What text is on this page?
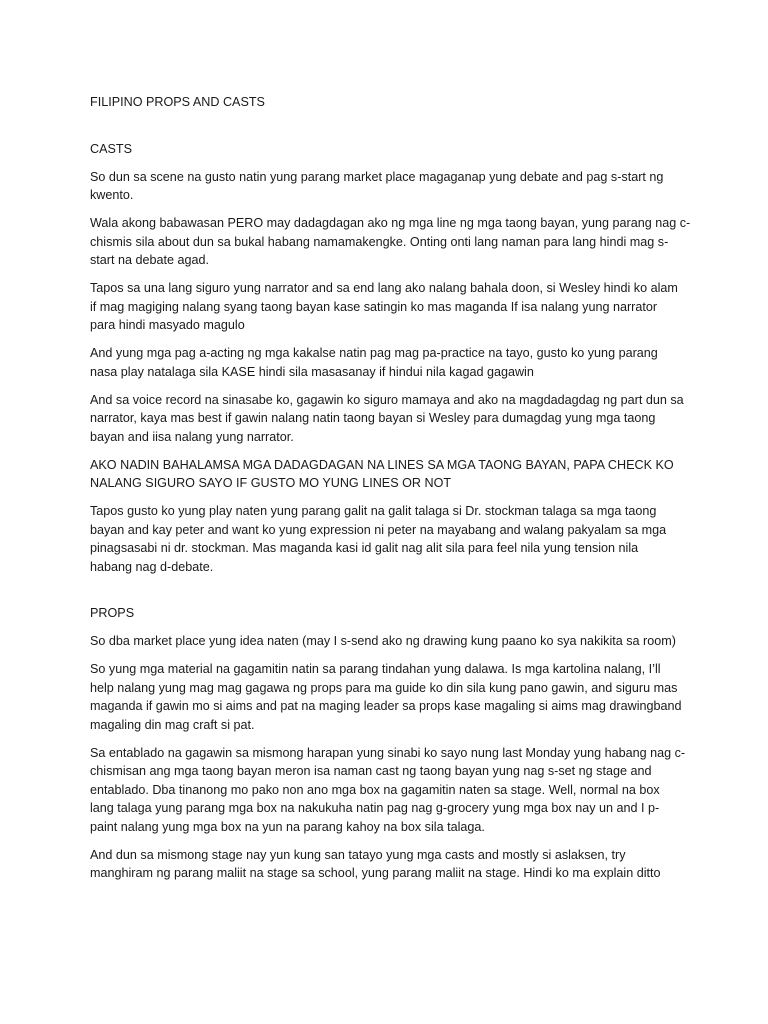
FILIPINO PROPS AND CASTS
CASTS
So dun sa scene na gusto natin yung parang market place magaganap yung debate and pag s-start ng
kwento.
Wala akong babawasan PERO may dadagdagan ako ng mga line ng mga taong bayan, yung parang nag c-
chismis sila about dun sa bukal habang namamakengke. Onting onti lang naman para lang hindi mag s-
start na debate agad.
Tapos sa una lang siguro yung narrator and sa end lang ako nalang bahala doon, si Wesley hindi ko alam
if mag magiging nalang syang taong bayan kase satingin ko mas maganda If isa nalang yung narrator
para hindi masyado magulo
And yung mga pag a-acting ng mga kakalse natin pag mag pa-practice na tayo, gusto ko yung parang
nasa play natalaga sila KASE hindi sila masasanay if hindui nila kagad gagawin
And sa voice record na sinasabe ko, gagawin ko siguro mamaya and ako na magdadagdag ng part dun sa
narrator, kaya mas best if gawin nalang natin taong bayan si Wesley para dumagdag yung mga taong
bayan and iisa nalang yung narrator.
AKO NADIN BAHALAMSA MGA DADAGDAGAN NA LINES SA MGA TAONG BAYAN, PAPA CHECK KO
NALANG SIGURO SAYO IF GUSTO MO YUNG LINES OR NOT
Tapos gusto ko yung play naten yung parang galit na galit talaga si Dr. stockman talaga sa mga taong
bayan and kay peter and want ko yung expression ni peter na mayabang and walang pakyalam sa mga
pinagsasabi ni dr. stockman. Mas maganda kasi id galit nag alit sila para feel nila yung tension nila
habang nag d-debate.
PROPS
So dba market place yung idea naten (may I s-send ako ng drawing kung paano ko sya nakikita sa room)
So yung mga material na gagamitin natin sa parang tindahan yung dalawa. Is mga kartolina nalang, I’ll
help nalang yung mag mag gagawa ng props para ma guide ko din sila kung pano gawin, and siguru mas
maganda if gawin mo si aims and pat na maging leader sa props kase magaling si aims mag drawingband
magaling din mag craft si pat.
Sa entablado na gagawin sa mismong harapan yung sinabi ko sayo nung last Monday yung habang nag c-
chismisan ang mga taong bayan meron isa naman cast ng taong bayan yung nag s-set ng stage and
entablado. Dba tinanong mo pako non ano mga box na gagamitin naten sa stage. Well, normal na box
lang talaga yung parang mga box na nakukuha natin pag nag g-grocery yung mga box nay un and I p-
paint nalang yung mga box na yun na parang kahoy na box sila talaga.
And dun sa mismong stage nay yun kung san tatayo yung mga casts and mostly si aslaksen, try
manghiram ng parang maliit na stage sa school, yung parang maliit na stage. Hindi ko ma explain ditto
